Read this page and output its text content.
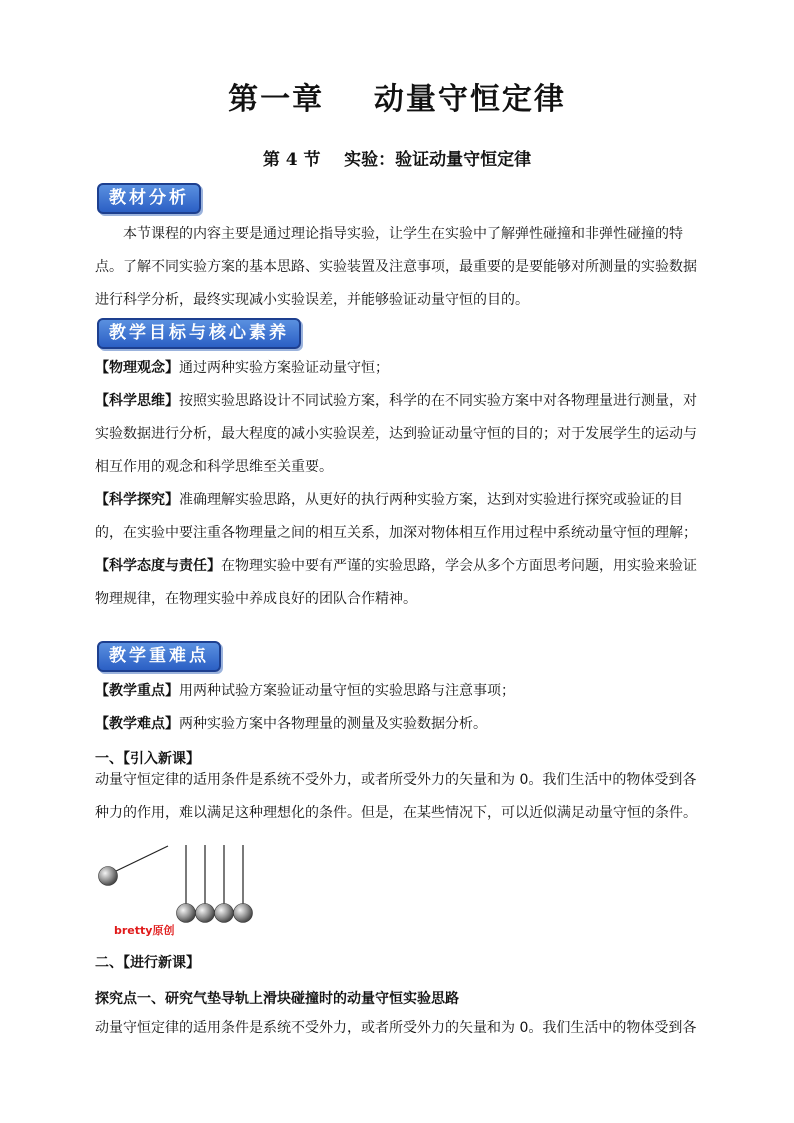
第一章    动量守恒定律
第 4 节    实验：验证动量守恒定律
教材分析
本节课程的内容主要是通过理论指导实验，让学生在实验中了解弹性碰撞和非弹性碰撞的特点。了解不同实验方案的基本思路、实验装置及注意事项，最重要的是要能够对所测量的实验数据进行科学分析，最终实现减小实验误差，并能够验证动量守恒的目的。
教学目标与核心素养
【物理观念】通过两种实验方案验证动量守恒；
【科学思维】按照实验思路设计不同试验方案，科学的在不同实验方案中对各物理量进行测量，对实验数据进行分析，最大程度的减小实验误差，达到验证动量守恒的目的；对于发展学生的运动与相互作用的观念和科学思维至关重要。
【科学探究】准确理解实验思路，从更好的执行两种实验方案，达到对实验进行探究或验证的目的，在实验中要注重各物理量之间的相互关系，加深对物体相互作用过程中系统动量守恒的理解；
【科学态度与责任】在物理实验中要有严谨的实验思路，学会从多个方面思考问题，用实验来验证物理规律，在物理实验中养成良好的团队合作精神。
教学重难点
【教学重点】用两种试验方案验证动量守恒的实验思路与注意事项；
【教学难点】两种实验方案中各物理量的测量及实验数据分析。
一、【引入新课】
动量守恒定律的适用条件是系统不受外力，或者所受外力的矢量和为 0。我们生活中的物体受到各种力的作用，难以满足这种理想化的条件。但是，在某些情况下，可以近似满足动量守恒的条件。
bretty原创
二、【进行新课】
探究点一、研究气垫导轨上滑块碰撞时的动量守恒实验思路
动量守恒定律的适用条件是系统不受外力，或者所受外力的矢量和为 0。我们生活中的物体受到各
